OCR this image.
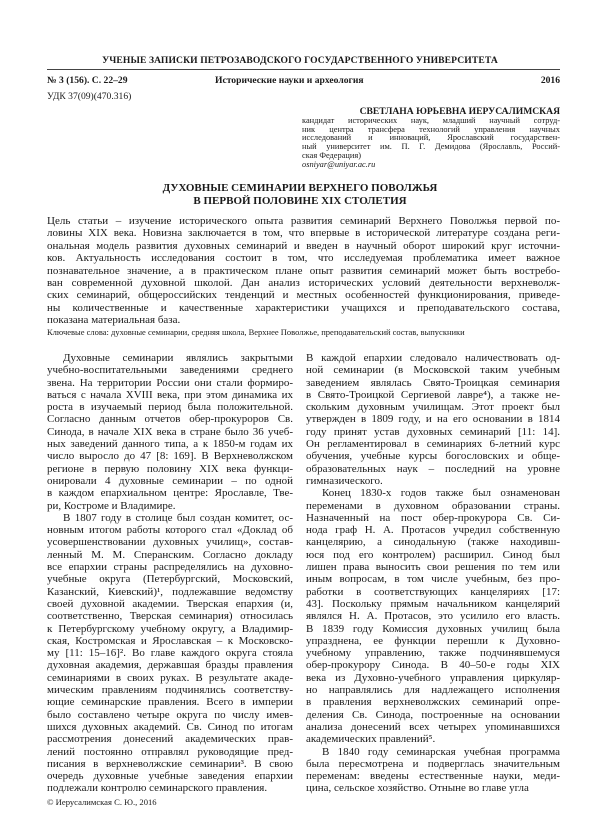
УЧЕНЫЕ ЗАПИСКИ ПЕТРОЗАВОДСКОГО ГОСУДАРСТВЕННОГО УНИВЕРСИТЕТА
№ 3 (156). С. 22–29	Исторические науки и археология	2016
УДК 37(09)(470.316)
СВЕТЛАНА ЮРЬЕВНА ИЕРУСАЛИМСКАЯ
кандидат исторических наук, младший научный сотруд-
ник центра трансфера технологий управления научных
исследований и инноваций, Ярославский государствен-
ный университет им. П. Г. Демидова (Ярославль, Россий-
ская Федерация)
osniyar@uniyar.ac.ru
ДУХОВНЫЕ СЕМИНАРИИ ВЕРХНЕГО ПОВОЛЖЬЯ
В ПЕРВОЙ ПОЛОВИНЕ XIX СТОЛЕТИЯ
Цель статьи – изучение исторического опыта развития семинарий Верхнего Поволжья первой по-
ловины XIX века. Новизна заключается в том, что впервые в исторической литературе создана реги-
ональная модель развития духовных семинарий и введен в научный оборот широкий круг источни-
ков. Актуальность исследования состоит в том, что исследуемая проблематика имеет важное
познавательное значение, а в практическом плане опыт развития семинарий может быть востребо-
ван современной духовной школой. Дан анализ исторических условий деятельности верхневолж-
ских семинарий, общероссийских тенденций и местных особенностей функционирования, приведе-
ны количественные и качественные характеристики учащихся и преподавательского состава,
показана материальная база.
Ключевые слова: духовные семинарии, средняя школа, Верхнее Поволжье, преподавательский состав, выпускники
Духовные семинарии являлись закрытыми
учебно-воспитательными заведениями среднего
звена. На территории России они стали формиро-
ваться с начала XVIII века, при этом динамика их
роста в изучаемый период была положительной.
Согласно данным отчетов обер-прокуроров Св.
Синода, в начале XIX века в стране было 36 учеб-
ных заведений данного типа, а к 1850-м годам их
число выросло до 47 [8: 169]. В Верхневолжском
регионе в первую половину XIX века функци-
онировали 4 духовные семинарии – по одной
в каждом епархиальном центре: Ярославле, Тве-
ри, Костроме и Владимире.
В 1807 году в столице был создан комитет, ос-
новным итогом работы которого стал «Доклад об
усовершенствовании духовных училищ», состав-
ленный М. М. Сперанским. Согласно докладу
все епархии страны распределялись на духовно-
учебные округа (Петербургский, Московский,
Казанский, Киевский)¹, подлежавшие ведомству
своей духовной академии. Тверская епархия (и,
соответственно, Тверская семинария) относилась
к Петербургскому учебному округу, а Владимир-
ская, Костромская и Ярославская – к Московско-
му [11: 15–16]². Во главе каждого округа стояла
духовная академия, державшая бразды правления
семинариями в своих руках. В результате акаде-
мическим правлениям подчинялись соответству-
ющие семинарские правления. Всего в империи
было составлено четыре округа по числу имев-
шихся духовных академий. Св. Синод по итогам
рассмотрения донесений академических прав-
лений постоянно отправлял руководящие пред-
писания в верхневолжские семинарии³. В свою
очередь духовные учебные заведения епархии
подлежали контролю семинарского правления.
В каждой епархии следовало наличествовать од-
ной семинарии (в Московской таким учебным
заведением являлась Свято-Троицкая семинария
в Свято-Троицкой Сергиевой лавре⁴), а также не-
скольким духовным училищам. Этот проект был
утвержден в 1809 году, и на его основании в 1814
году принят устав духовных семинарий [11: 14].
Он регламентировал в семинариях 6-летний курс
обучения, учебные курсы богословских и обще-
образовательных наук – последний на уровне
гимназического.
Конец 1830-х годов также был ознаменован
переменами в духовном образовании страны.
Назначенный на пост обер-прокурора Св. Си-
нода граф Н. А. Протасов учредил собственную
канцелярию, а синодальную (также находивш-
юся под его контролем) расширил. Синод был
лишен права выносить свои решения по тем или
иным вопросам, в том числе учебным, без про-
работки в соответствующих канцеляриях [17:
43]. Поскольку прямым начальником канцелярий
являлся Н. А. Протасов, это усилило его власть.
В 1839 году Комиссия духовных училищ была
упразднена, ее функции перешли к Духовно-
учебному управлению, также подчинявшемуся
обер-прокурору Синода. В 40–50-е годы XIX
века из Духовно-учебного управления циркуляр-
но направлялись для надлежащего исполнения
в правления верхневолжских семинарий опре-
деления Св. Синода, построенные на основании
анализа донесений всех четырех упоминавшихся
академических правлений⁵.
В 1840 году семинарская учебная программа
была пересмотрена и подверглась значительным
переменам: введены естественные науки, меди-
цина, сельское хозяйство. Отныне во главе угла
© Иерусалимская С. Ю., 2016
